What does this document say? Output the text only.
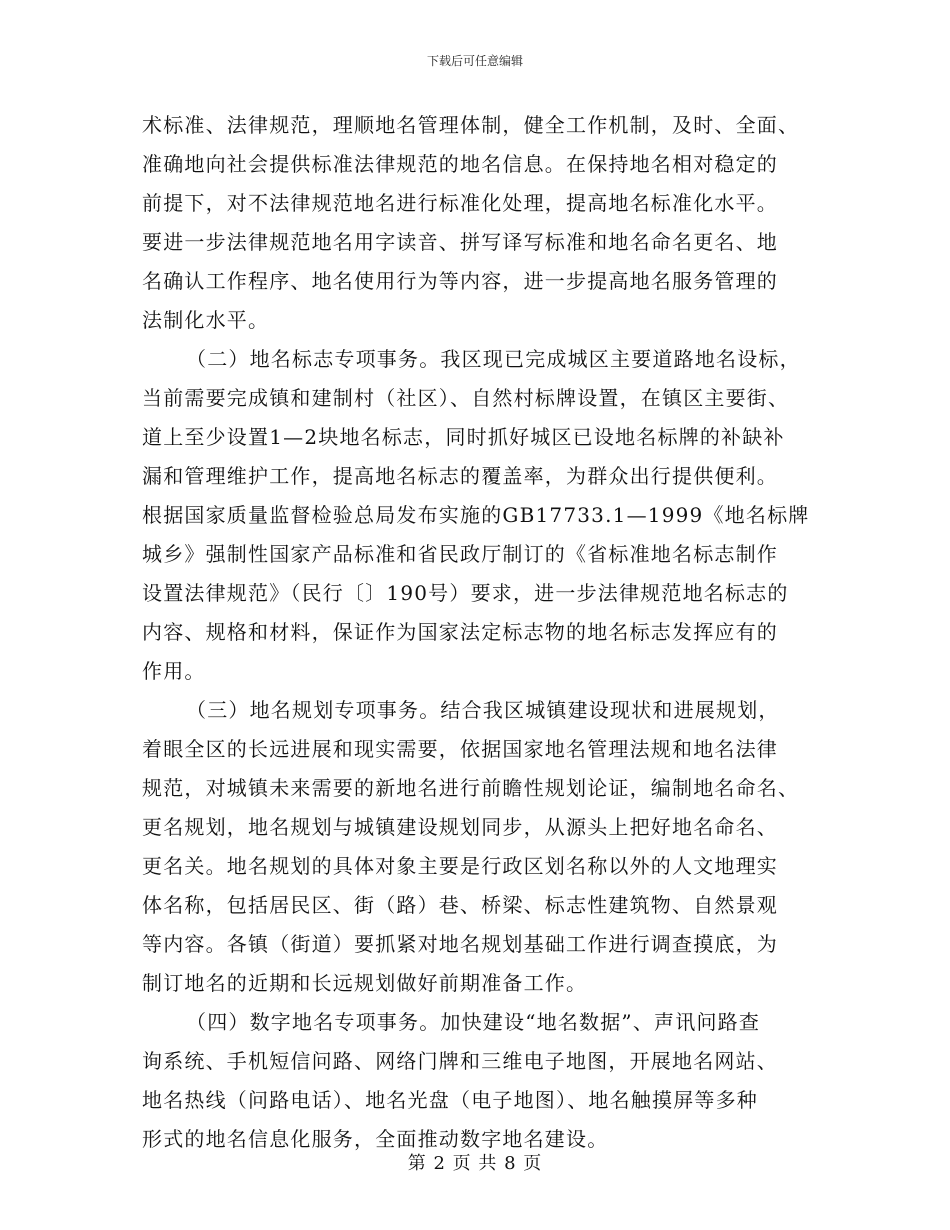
下载后可任意编辑

术标准、法律规范，理顺地名管理体制，健全工作机制，及时、全面、
准确地向社会提供标准法律规范的地名信息。在保持地名相对稳定的
前提下，对不法律规范地名进行标准化处理，提高地名标准化水平。
要进一步法律规范地名用字读音、拼写译写标准和地名命名更名、地
名确认工作程序、地名使用行为等内容，进一步提高地名服务管理的
法制化水平。

（二）地名标志专项事务。我区现已完成城区主要道路地名设标，
当前需要完成镇和建制村（社区）、自然村标牌设置，在镇区主要街、
道上至少设置1—2块地名标志，同时抓好城区已设地名标牌的补缺补
漏和管理维护工作，提高地名标志的覆盖率，为群众出行提供便利。
根据国家质量监督检验总局发布实施的GB17733.1—1999《地名标牌
城乡》强制性国家产品标准和省民政厅制订的《省标准地名标志制作
设置法律规范》（民行〔〕190号）要求，进一步法律规范地名标志的
内容、规格和材料，保证作为国家法定标志物的地名标志发挥应有的
作用。

（三）地名规划专项事务。结合我区城镇建设现状和进展规划，
着眼全区的长远进展和现实需要，依据国家地名管理法规和地名法律
规范，对城镇未来需要的新地名进行前瞻性规划论证，编制地名命名、
更名规划，地名规划与城镇建设规划同步，从源头上把好地名命名、
更名关。地名规划的具体对象主要是行政区划名称以外的人文地理实
体名称，包括居民区、街（路）巷、桥梁、标志性建筑物、自然景观
等内容。各镇（街道）要抓紧对地名规划基础工作进行调查摸底，为
制订地名的近期和长远规划做好前期准备工作。

（四）数字地名专项事务。加快建设“地名数据”、声讯问路查
询系统、手机短信问路、网络门牌和三维电子地图，开展地名网站、
地名热线（问路电话）、地名光盘（电子地图）、地名触摸屏等多种
形式的地名信息化服务，全面推动数字地名建设。

第 2 页 共 8 页
